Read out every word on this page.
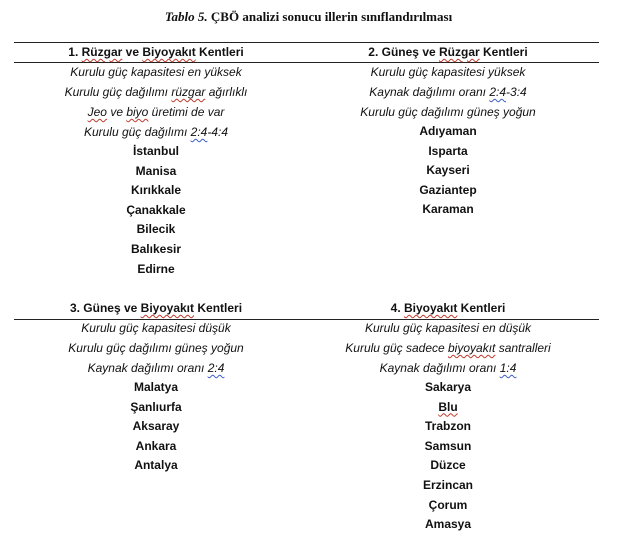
Tablo 5. ÇBÖ analizi sonucu illerin sınıflandırılması
1. Rüzgar ve Biyoyakıt Kentleri
Kurulu güç kapasitesi en yüksek
Kurulu güç dağılımı rüzgar ağırlıklı
Jeo ve biyo üretimi de var
Kurulu güç dağılımı 2:4-4:4
İstanbul
Manisa
Kırıkkale
Çanakkale
Bilecik
Balıkesir
Edirne
2. Güneş ve Rüzgar Kentleri
Kurulu güç kapasitesi yüksek
Kaynak dağılımı oranı 2:4-3:4
Kurulu güç dağılımı güneş yoğun
Adıyaman
Isparta
Kayseri
Gaziantep
Karaman
3. Güneş ve Biyoyakıt Kentleri
Kurulu güç kapasitesi düşük
Kurulu güç dağılımı güneş yoğun
Kaynak dağılımı oranı 2:4
Malatya
Şanlıurfa
Aksaray
Ankara
Antalya
4. Biyoyakıt Kentleri
Kurulu güç kapasitesi en düşük
Kurulu güç sadece biyoyakıt santralleri
Kaynak dağılımı oranı 1:4
Sakarya
Blu
Trabzon
Samsun
Düzce
Erzincan
Çorum
Amasya
